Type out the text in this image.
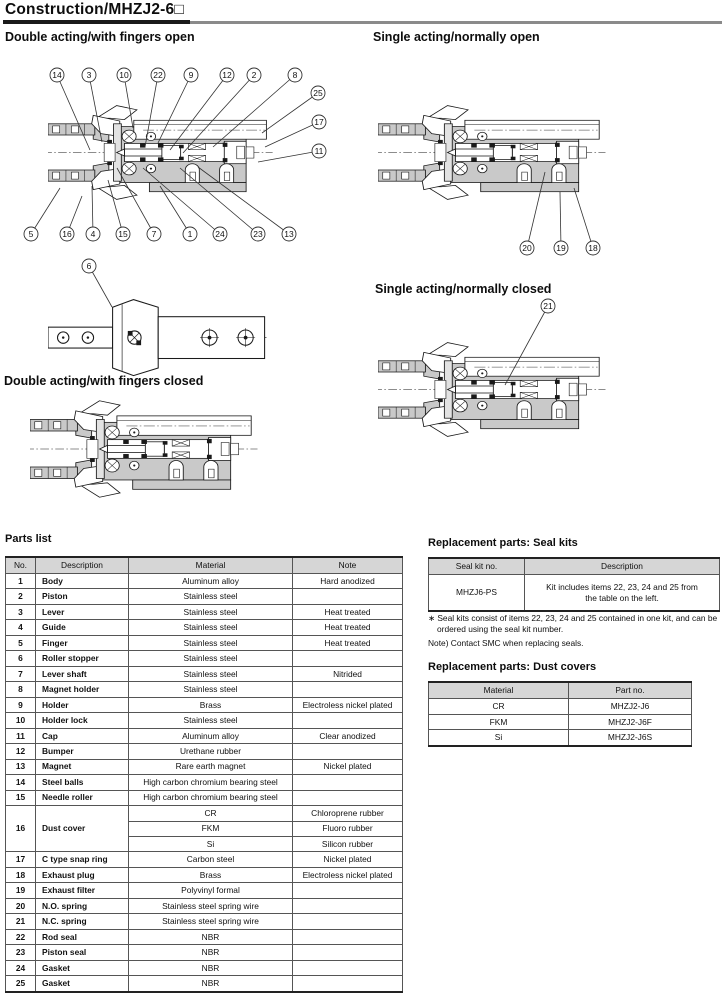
Construction/MHZJ2-6□
Double acting/with fingers open	Single acting/normally open
Double acting/with fingers closed
Single acting/normally closed
14	3	10	22	9	12 2	8
25
17
11
5	16 4	15	7	1	24	23	13
20	19	18
6
21
Parts list
No.	Description	Material	Note
1	Body	Aluminum alloy	Hard anodized
2	Piston	Stainless steel	
3	Lever	Stainless steel	Heat treated
4	Guide	Stainless steel	Heat treated
5	Finger	Stainless steel	Heat treated
6	Roller stopper	Stainless steel	
7	Lever shaft	Stainless steel	Nitrided
8	Magnet holder	Stainless steel	
9	Holder	Brass	Electroless nickel plated
10	Holder lock	Stainless steel	
11	Cap	Aluminum alloy	Clear anodized
12	Bumper	Urethane rubber	
13	Magnet	Rare earth magnet	Nickel plated
14	Steel balls	High carbon chromium bearing steel	
15	Needle roller	High carbon chromium bearing steel	
16	Dust cover	CR	Chloroprene rubber
		FKM	Fluoro rubber
		Si	Silicon rubber
17	C type snap ring	Carbon steel	Nickel plated
18	Exhaust plug	Brass	Electroless nickel plated
19	Exhaust filter	Polyvinyl formal	
20	N.O. spring	Stainless steel spring wire	
21	N.C. spring	Stainless steel spring wire	
22	Rod seal	NBR	
23	Piston seal	NBR	
24	Gasket	NBR	
25	Gasket	NBR	
Replacement parts: Seal kits
Seal kit no.	Description
MHZJ6-PS	Kit includes items 22, 23, 24 and 25 from the table on the left.
∗ Seal kits consist of items 22, 23, 24 and 25 contained in one kit, and can be ordered using the seal kit number.
Note) Contact SMC when replacing seals.
Replacement parts: Dust covers
Material	Part no.
CR	MHZJ2-J6
FKM	MHZJ2-J6F
Si	MHZJ2-J6S
